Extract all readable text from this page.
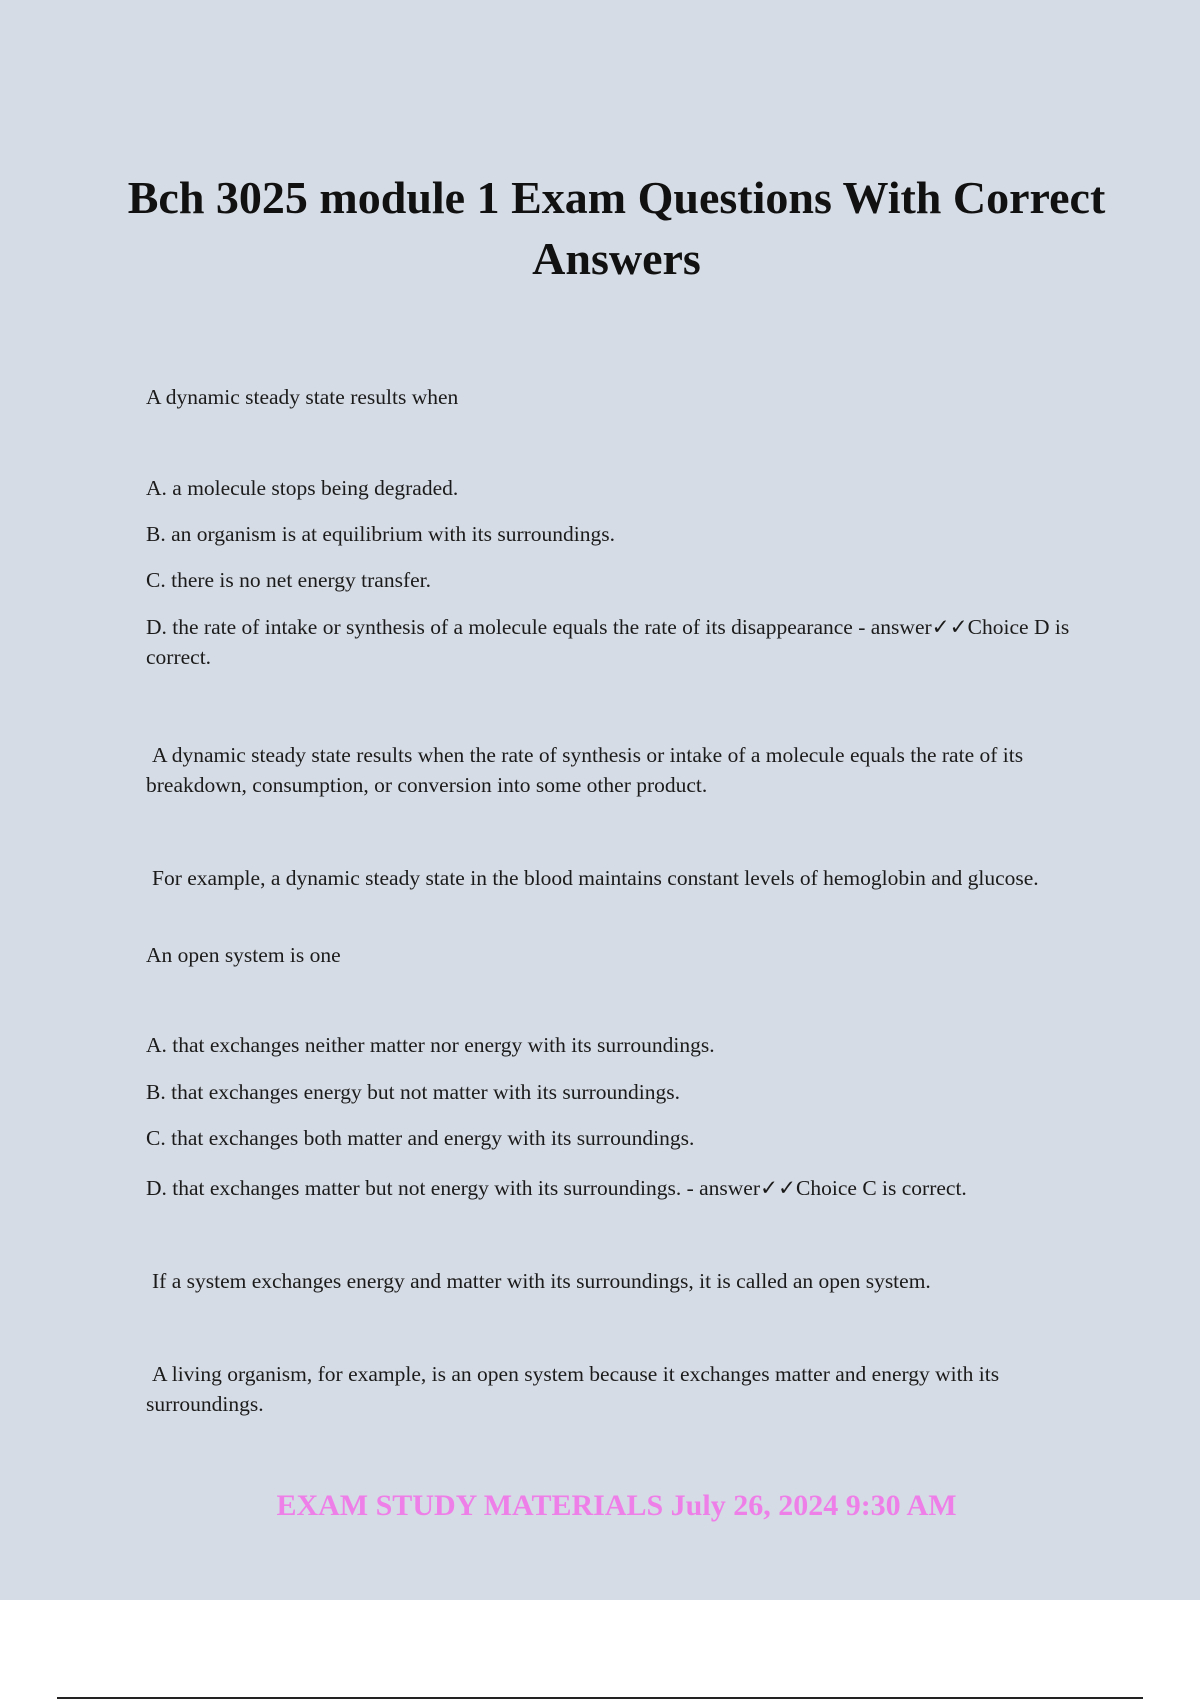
Bch 3025 module 1 Exam Questions With Correct Answers

A dynamic steady state results when

A. a molecule stops being degraded.

B. an organism is at equilibrium with its surroundings.

C. there is no net energy transfer.

D. the rate of intake or synthesis of a molecule equals the rate of its disappearance - answer✓✓Choice D is correct.

A dynamic steady state results when the rate of synthesis or intake of a molecule equals the rate of its breakdown, consumption, or conversion into some other product.

For example, a dynamic steady state in the blood maintains constant levels of hemoglobin and glucose.

An open system is one

A. that exchanges neither matter nor energy with its surroundings.

B. that exchanges energy but not matter with its surroundings.

C. that exchanges both matter and energy with its surroundings.

D. that exchanges matter but not energy with its surroundings. - answer✓✓Choice C is correct.

If a system exchanges energy and matter with its surroundings, it is called an open system.

A living organism, for example, is an open system because it exchanges matter and energy with its surroundings.

EXAM STUDY MATERIALS July 26, 2024 9:30 AM
